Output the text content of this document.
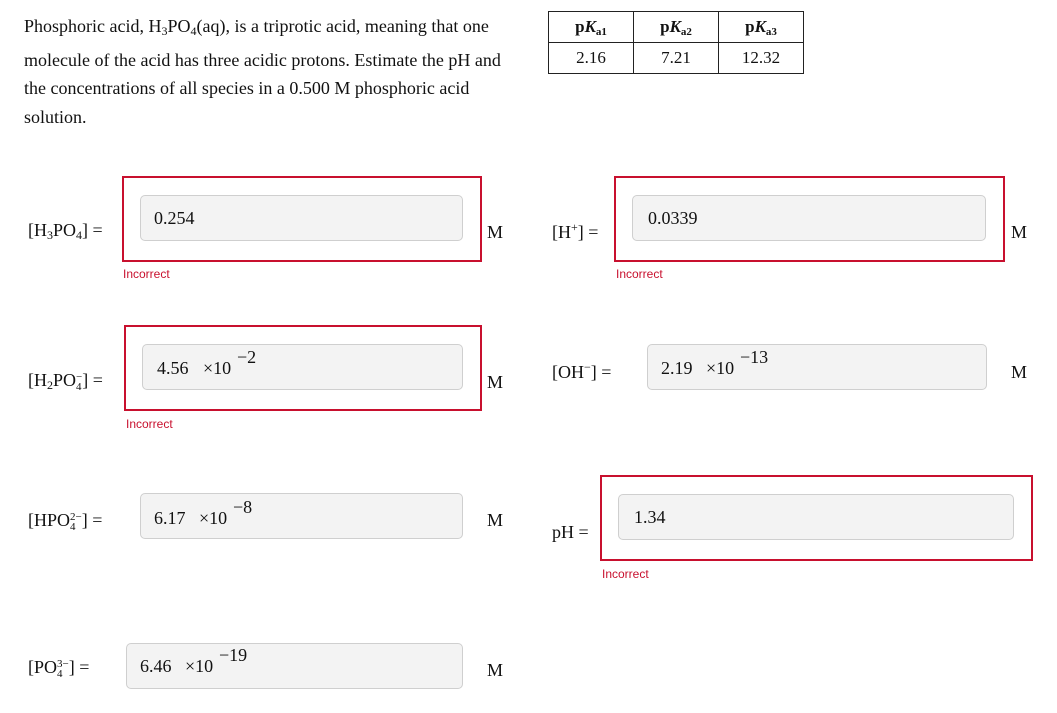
Phosphoric acid, $H_3PO_4(aq)$, is a triprotic acid, meaning that one molecule of the acid has three acidic protons. Estimate the pH and the concentrations of all species in a 0.500 M phosphoric acid solution.
$pK_{a1}$	$pK_{a2}$	$pK_{a3}$
2.16	7.21	12.32
$[H_3PO_4]$ =
0.254
M
Incorrect
[H+] =
0.0339
M
Incorrect
[$H_2PO$ −
4 ] =
4.56 ×10
−2
M
Incorrect
[OH−] =	2.19 ×10
−13
M
[HPO 2−
4 ] =	6.17 ×10
−8
M
pH =
1.34
Incorrect
[PO 3−
4 ] =	6.46 ×10
−19
M
